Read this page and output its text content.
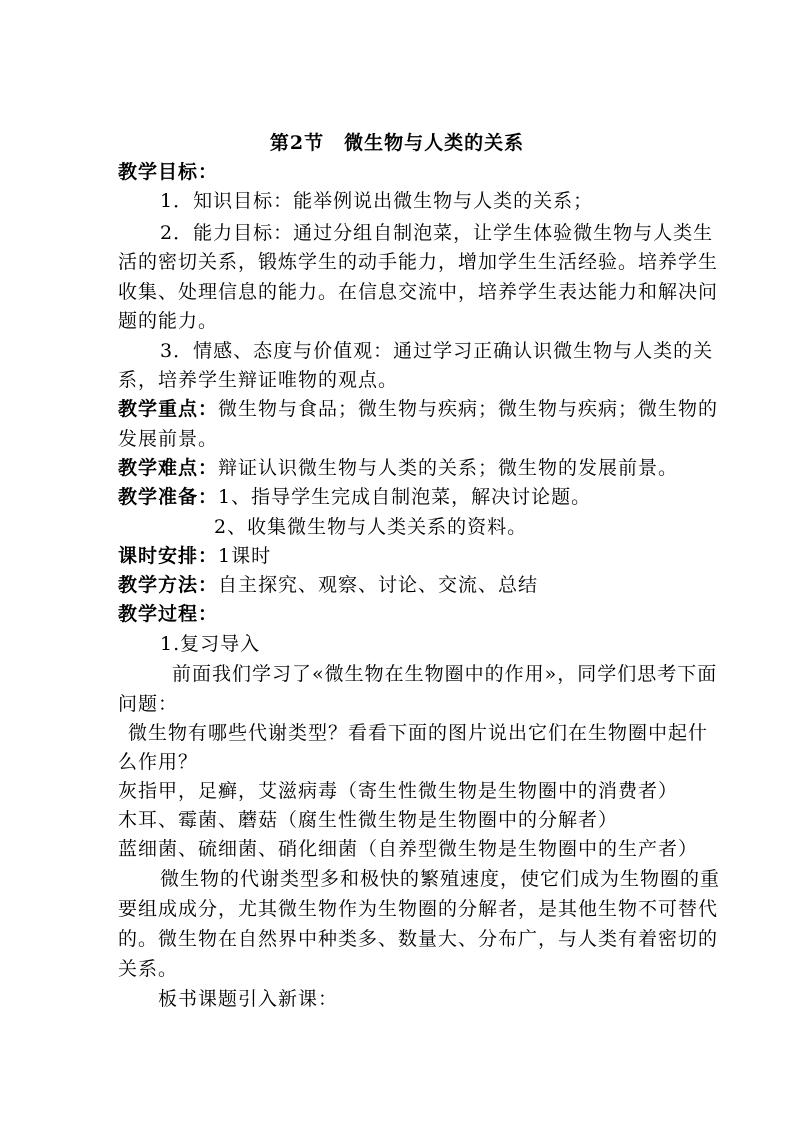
第2节　微生物与人类的关系
教学目标：
1．知识目标：能举例说出微生物与人类的关系；
2．能力目标：通过分组自制泡菜，让学生体验微生物与人类生
活的密切关系，锻炼学生的动手能力，增加学生生活经验。培养学生
收集、处理信息的能力。在信息交流中，培养学生表达能力和解决问
题的能力。
3．情感、态度与价值观：通过学习正确认识微生物与人类的关
系，培养学生辩证唯物的观点。
教学重点：微生物与食品；微生物与疾病；微生物与疾病；微生物的
发展前景。
教学难点：辩证认识微生物与人类的关系；微生物的发展前景。
教学准备：1、指导学生完成自制泡菜，解决讨论题。
2、收集微生物与人类关系的资料。
课时安排：1课时
教学方法：自主探究、观察、讨论、交流、总结
教学过程：
1.复习导入
前面我们学习了«微生物在生物圈中的作用»，同学们思考下面
问题：
微生物有哪些代谢类型？看看下面的图片说出它们在生物圈中起什
么作用？
灰指甲，足癣，艾滋病毒（寄生性微生物是生物圈中的消费者）
木耳、霉菌、蘑菇（腐生性微生物是生物圈中的分解者）
蓝细菌、硫细菌、硝化细菌（自养型微生物是生物圈中的生产者）
微生物的代谢类型多和极快的繁殖速度，使它们成为生物圈的重
要组成成分，尤其微生物作为生物圈的分解者，是其他生物不可替代
的。微生物在自然界中种类多、数量大、分布广，与人类有着密切的
关系。
板书课题引入新课：
